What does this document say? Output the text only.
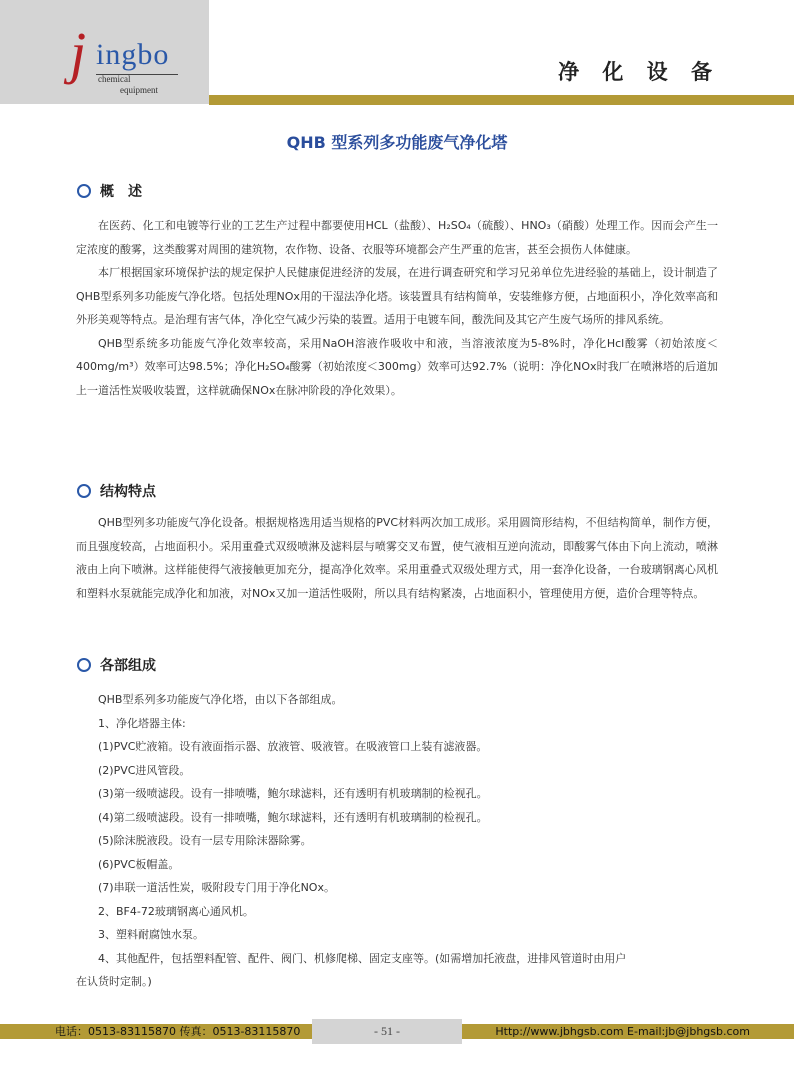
j ingbo
chemical
equipment
净 化 设 备
QHB 型系列多功能废气净化塔
概　述

在医药、化工和电镀等行业的工艺生产过程中都要使用HCL（盐酸）、H₂SO₄（硫酸）、HNO₃（硝酸）处理工作。因而会产生一定浓度的酸雾，这类酸雾对周围的建筑物，农作物、设备、衣服等环境都会产生严重的危害，甚至会损伤人体健康。

本厂根据国家环境保护法的规定保护人民健康促进经济的发展，在进行调查研究和学习兄弟单位先进经验的基础上，设计制造了QHB型系列多功能废气净化塔。包括处理NOx用的干湿法净化塔。该装置具有结构简单，安装维修方便，占地面积小，净化效率高和外形美观等特点。是治理有害气体，净化空气减少污染的装置。适用于电镀车间，酸洗间及其它产生废气场所的排风系统。

QHB型系统多功能废气净化效率较高，采用NaOH溶液作吸收中和液，当溶液浓度为5-8%时，净化Hcl酸雾（初始浓度＜400mg/m³）效率可达98.5%；净化H₂SO₄酸雾（初始浓度＜300mg）效率可达92.7%（说明：净化NOx时我厂在喷淋塔的后道加上一道活性炭吸收装置，这样就确保NOx在脉冲阶段的净化效果）。

结构特点

QHB型列多功能废气净化设备。根据规格选用适当规格的PVC材料两次加工成形。采用圆筒形结构，不但结构简单，制作方便，而且强度较高，占地面积小。采用重叠式双级喷淋及滤料层与喷雾交叉布置，使气液相互逆向流动，即酸雾气体由下向上流动，喷淋液由上向下喷淋。这样能使得气液接触更加充分，提高净化效率。采用重叠式双级处理方式，用一套净化设备，一台玻璃钢离心风机和塑料水泵就能完成净化和加液，对NOx又加一道活性吸附，所以具有结构紧凑，占地面积小，管理使用方便，造价合理等特点。

各部组成
QHB型系列多功能废气净化塔，由以下各部组成。
1、净化塔器主体:
(1)PVC贮液箱。设有液面指示器、放液管、吸液管。在吸液管口上装有滤液器。
(2)PVC进风管段。
(3)第一级喷滤段。设有一排喷嘴，鲍尔球滤料，还有透明有机玻璃制的检视孔。
(4)第二级喷滤段。设有一排喷嘴，鲍尔球滤料，还有透明有机玻璃制的检视孔。
(5)除沫脱液段。设有一层专用除沫器除雾。
(6)PVC板帽盖。
(7)串联一道活性炭，吸附段专门用于净化NOx。
2、BF4-72玻璃钢离心通风机。
3、塑料耐腐蚀水泵。
4、其他配件，包括塑料配管、配件、阀门、机修爬梯、固定支座等。(如需增加托液盘，进排风管道时由用户
在认货时定制。)
电话：0513-83115870 传真：0513-83115870	- 51 -	Http://www.jbhgsb.com E-mail:jb@jbhgsb.com
